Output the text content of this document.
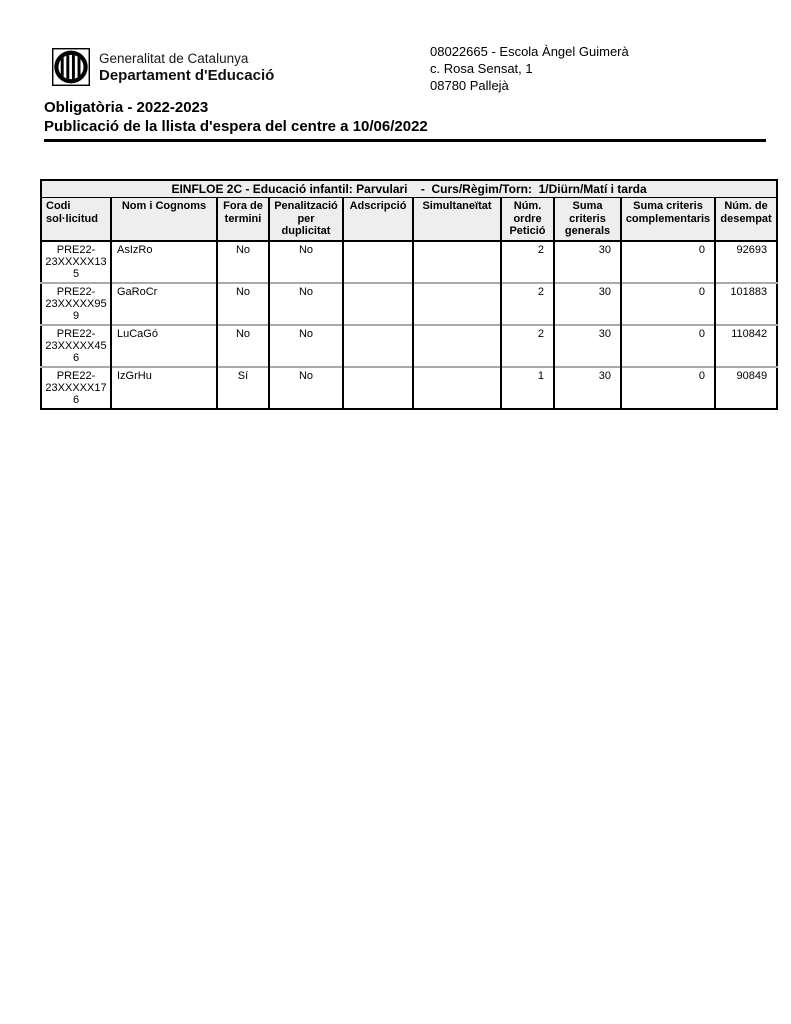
Generalitat de Catalunya
Departament d'Educació
08022665 - Escola Àngel Guimerà
c. Rosa Sensat, 1
08780 Pallejà
Obligatòria - 2022-2023
Publicació de la llista d'espera del centre a 10/06/2022
EINFLOE 2C - Educació infantil: Parvulari    -  Curs/Règim/Torn:  1/Diürn/Matí i tarda									
Codi sol·licitud	Nom i Cognoms	Fora de termini	Penalització per duplicitat	Adscripció	Simultaneïtat	Núm. ordre Petició	Suma criteris generals	Suma criteris complementaris	Núm. de desempat
PRE22-23XXXXX135	AsIzRo	No	No			2	30	0	92693
PRE22-23XXXXX959	GaRoCr	No	No			2	30	0	101883
PRE22-23XXXXX456	LuCaGó	No	No			2	30	0	110842
PRE22-23XXXXX176	IzGrHu	Sí	No			1	30	0	90849
